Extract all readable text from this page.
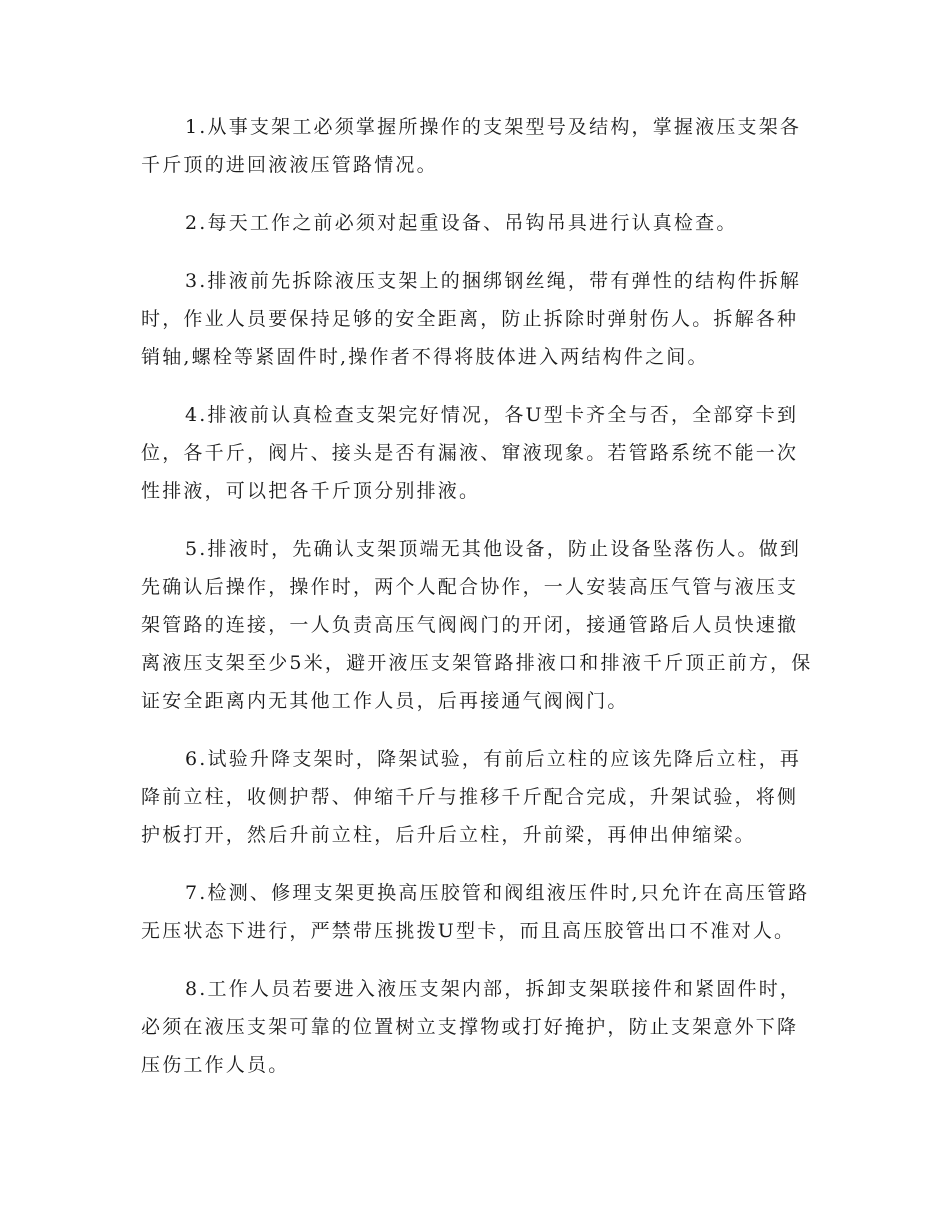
1.从事支架工必须掌握所操作的支架型号及结构，掌握液压支架各千斤顶的进回液液压管路情况。

2.每天工作之前必须对起重设备、吊钩吊具进行认真检查。

3.排液前先拆除液压支架上的捆绑钢丝绳，带有弹性的结构件拆解时，作业人员要保持足够的安全距离，防止拆除时弹射伤人。拆解各种销轴,螺栓等紧固件时,操作者不得将肢体进入两结构件之间。

4.排液前认真检查支架完好情况，各U型卡齐全与否，全部穿卡到位，各千斤，阀片、接头是否有漏液、窜液现象。若管路系统不能一次性排液，可以把各千斤顶分别排液。

5.排液时，先确认支架顶端无其他设备，防止设备坠落伤人。做到先确认后操作，操作时，两个人配合协作，一人安装高压气管与液压支架管路的连接，一人负责高压气阀阀门的开闭，接通管路后人员快速撤离液压支架至少5米，避开液压支架管路排液口和排液千斤顶正前方，保证安全距离内无其他工作人员，后再接通气阀阀门。

6.试验升降支架时，降架试验，有前后立柱的应该先降后立柱，再降前立柱，收侧护帮、伸缩千斤与推移千斤配合完成，升架试验，将侧护板打开，然后升前立柱，后升后立柱，升前梁，再伸出伸缩梁。

7.检测、修理支架更换高压胶管和阀组液压件时,只允许在高压管路无压状态下进行，严禁带压挑拨U型卡，而且高压胶管出口不准对人。

8.工作人员若要进入液压支架内部，拆卸支架联接件和紧固件时，必须在液压支架可靠的位置树立支撑物或打好掩护，防止支架意外下降压伤工作人员。
